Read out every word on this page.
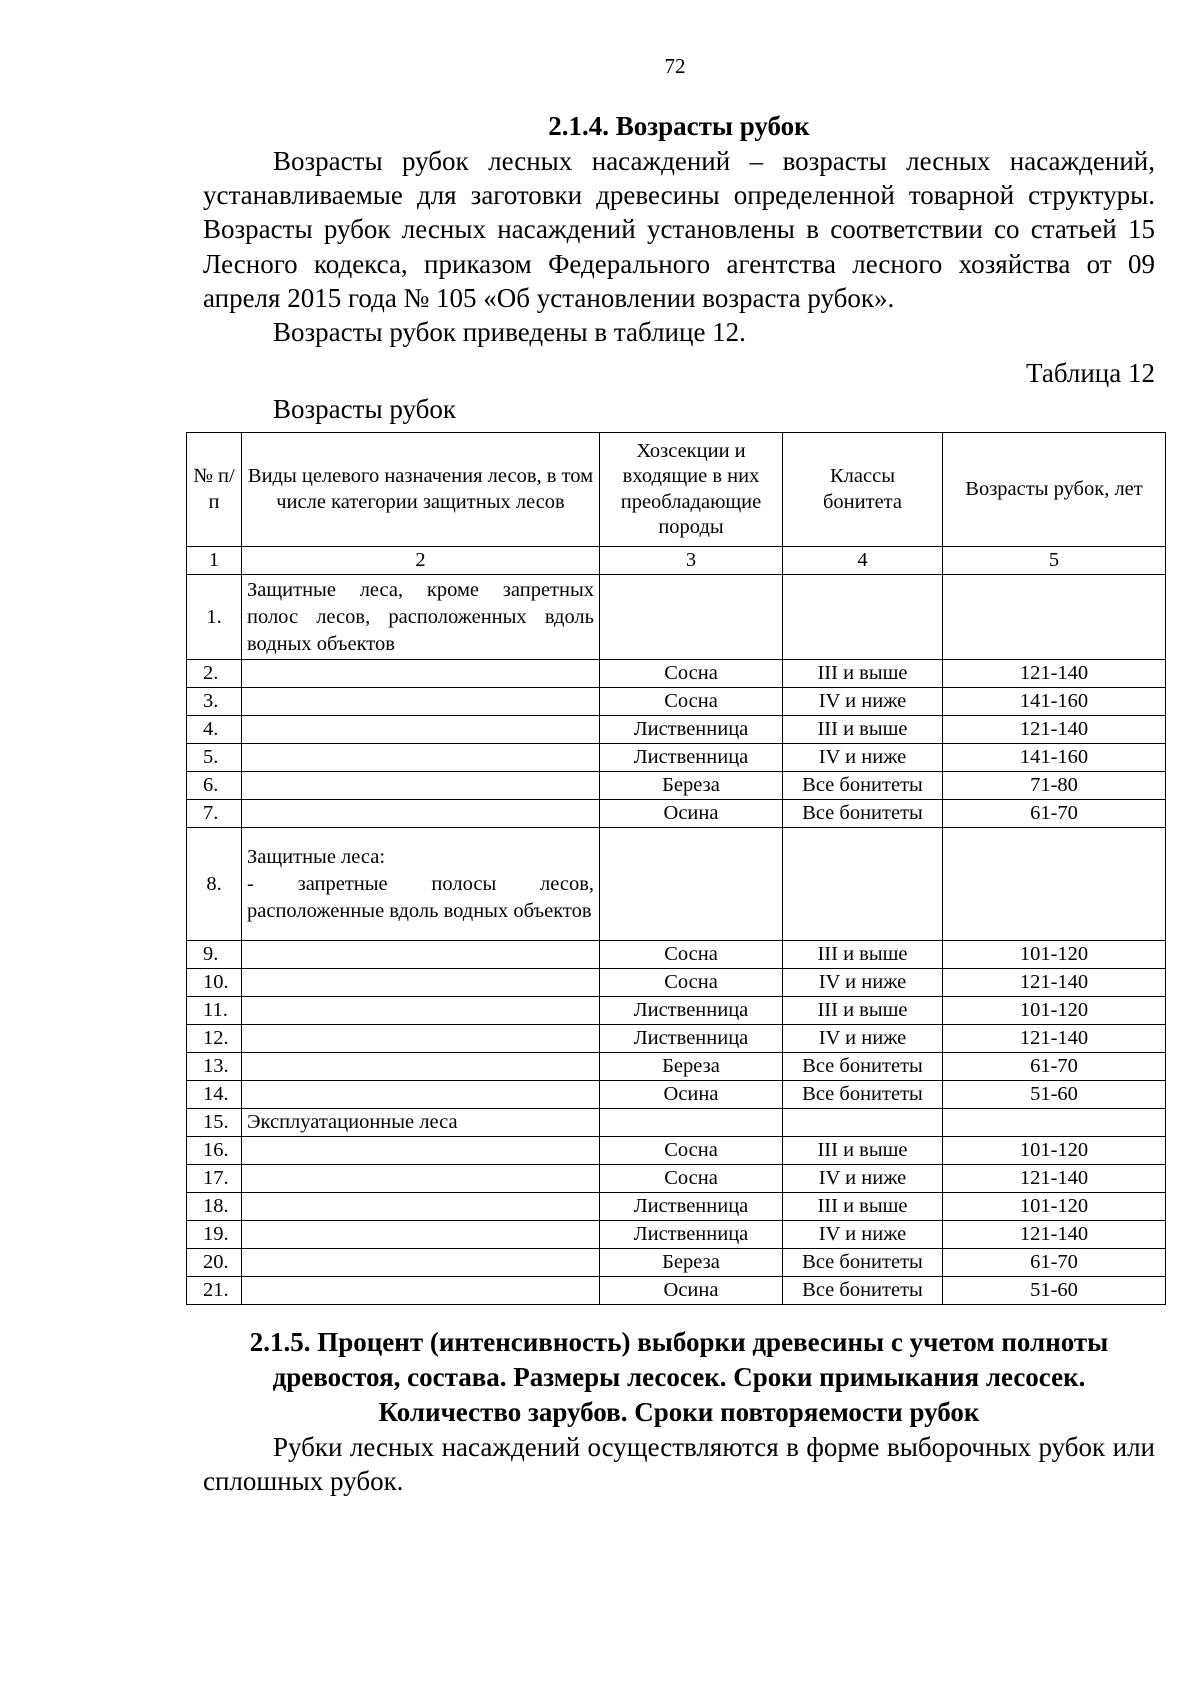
72
2.1.4. Возрасты рубок

Возрасты рубок лесных насаждений – возрасты лесных насаждений, устанавливаемые для заготовки древесины определенной товарной структуры. Возрасты рубок лесных насаждений установлены в соответствии со статьей 15 Лесного кодекса, приказом Федерального агентства лесного хозяйства от 09 апреля 2015 года № 105 «Об установлении возраста рубок».

Возрасты рубок приведены в таблице 12.

Таблица 12
Возрасты рубок
№ п/п	Виды целевого назначения лесов, в том числе категории защитных лесов	Хозсекции и входящие в них преобладающие породы	Классы бонитета	Возрасты рубок, лет
1	2	3	4	5
1.	Защитные леса, кроме запретных полос лесов, расположенных вдоль водных объектов			
2.		Сосна	III и выше	121-140
3.		Сосна	IV и ниже	141-160
4.		Лиственница	III и выше	121-140
5.		Лиственница	IV и ниже	141-160
6.		Береза	Все бонитеты	71-80
7.		Осина	Все бонитеты	61-70
8.	Защитные леса:
- запретные полосы лесов, расположенные вдоль водных объектов			

9.		Сосна	III и выше	101-120
10.		Сосна	IV и ниже	121-140
11.		Лиственница	III и выше	101-120
12.		Лиственница	IV и ниже	121-140
13.		Береза	Все бонитеты	61-70
14.		Осина	Все бонитеты	51-60
15.	Эксплуатационные леса			
16.		Сосна	III и выше	101-120
17.		Сосна	IV и ниже	121-140
18.		Лиственница	III и выше	101-120
19.		Лиственница	IV и ниже	121-140
20.		Береза	Все бонитеты	61-70
21.		Осина	Все бонитеты	51-60
2.1.5. Процент (интенсивность) выборки древесины с учетом полноты древостоя, состава. Размеры лесосек. Сроки примыкания лесосек. Количество зарубов. Сроки повторяемости рубок

Рубки лесных насаждений осуществляются в форме выборочных рубок или сплошных рубок.
